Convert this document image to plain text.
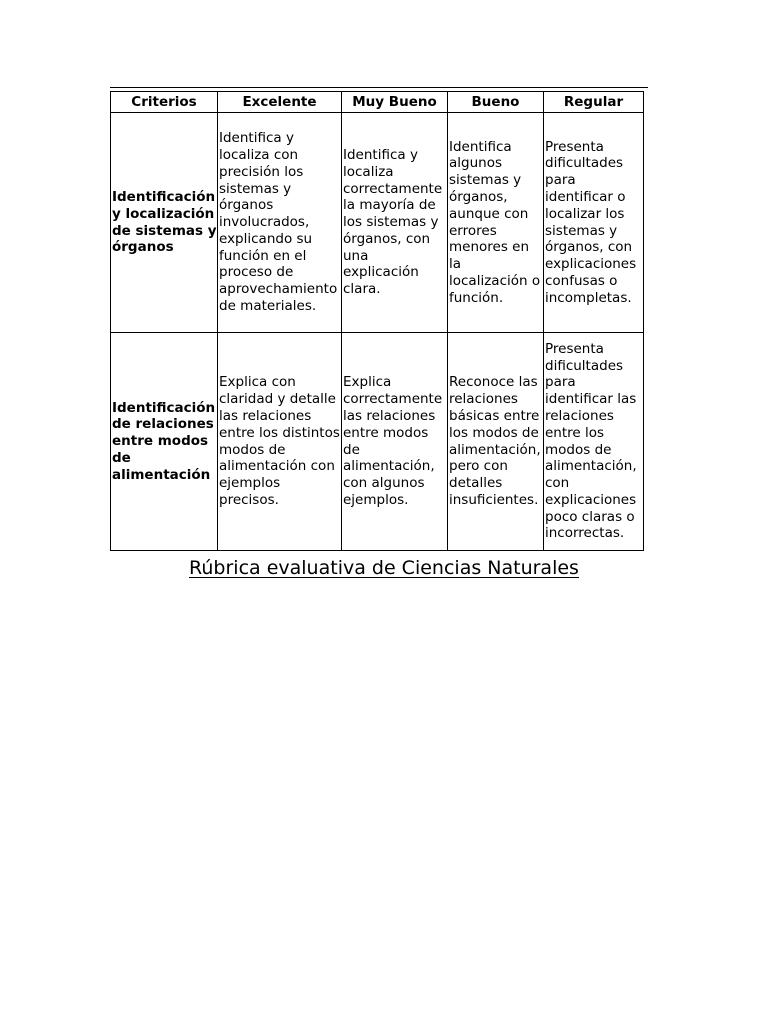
Criterios	Excelente	Muy Bueno	Bueno	Regular
Identificación y localización de sistemas y órganos	Identifica y localiza con precisión los sistemas y órganos involucrados, explicando su función en el proceso de aprovechamiento de materiales.	Identifica y localiza correctamente la mayoría de los sistemas y órganos, con una explicación clara.	Identifica algunos sistemas y órganos, aunque con errores menores en la localización o función.	Presenta dificultades para identificar o localizar los sistemas y órganos, con explicaciones confusas o incompletas.
Identificación de relaciones entre modos de alimentación	Explica con claridad y detalle las relaciones entre los distintos modos de alimentación con ejemplos precisos.	Explica correctamente las relaciones entre modos de alimentación, con algunos ejemplos.	Reconoce las relaciones básicas entre los modos de alimentación, pero con detalles insuficientes.	Presenta dificultades para identificar las relaciones entre los modos de alimentación, con explicaciones poco claras o incorrectas.
Rúbrica evaluativa de Ciencias Naturales
